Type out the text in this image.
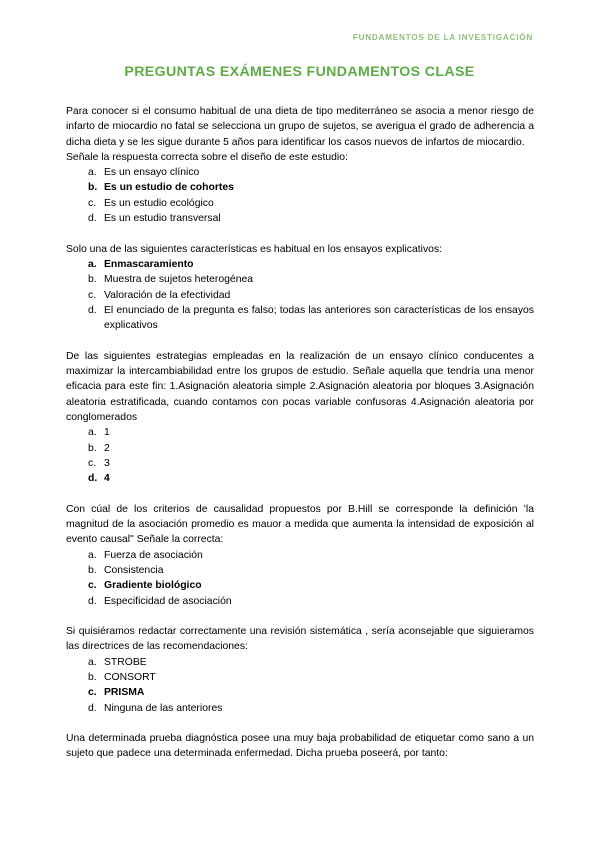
FUNDAMENTOS DE LA INVESTIGACIÓN
PREGUNTAS EXÁMENES FUNDAMENTOS CLASE

Para conocer si el consumo habitual de una dieta de tipo mediterráneo se asocia a menor riesgo de infarto de miocardio no fatal se selecciona un grupo de sujetos, se averigua el grado de adherencia a dicha dieta y se les sigue durante 5 años para identificar los casos nuevos de infartos de miocardio.

Señale la respuesta correcta sobre el diseño de este estudio:

a. Es un ensayo clínico
b. Es un estudio de cohortes
c. Es un estudio ecológico
d. Es un estudio transversal

Solo una de las siguientes características es habitual en los ensayos explicativos:

a. Enmascaramiento
b. Muestra de sujetos heterogénea
c. Valoración de la efectividad
d. El enunciado de la pregunta es falso; todas las anteriores son características de los ensayos explicativos

De las siguientes estrategias empleadas en la realización de un ensayo clínico conducentes a maximizar la intercambiabilidad entre los grupos de estudio. Señale aquella que tendría una menor eficacia para este fin: 1.Asignación aleatoria simple 2.Asignación aleatoria por bloques 3.Asignación aleatoria estratificada, cuando contamos con pocas variable confusoras 4.Asignación aleatoria por conglomerados

a. 1
b. 2
c. 3
d. 4

Con cúal de los criterios de causalidad propuestos por B.Hill se corresponde la definición ʻla magnitud de la asociación promedio es mauor a medida que aumenta la intensidad de exposición al evento causal" Señale la correcta:

a. Fuerza de asociación
b. Consistencia
c. Gradiente biológico
d. Especificidad de asociación

Si quisiéramos redactar correctamente una revisión sistemática , sería aconsejable que siguieramos las directrices de las recomendaciones:

a. STROBE
b. CONSORT
c. PRISMA
d. Ninguna de las anteriores

Una determinada prueba diagnóstica posee una muy baja probabilidad de etiquetar como sano a un sujeto que padece una determinada enfermedad. Dicha prueba poseerá, por tanto:
